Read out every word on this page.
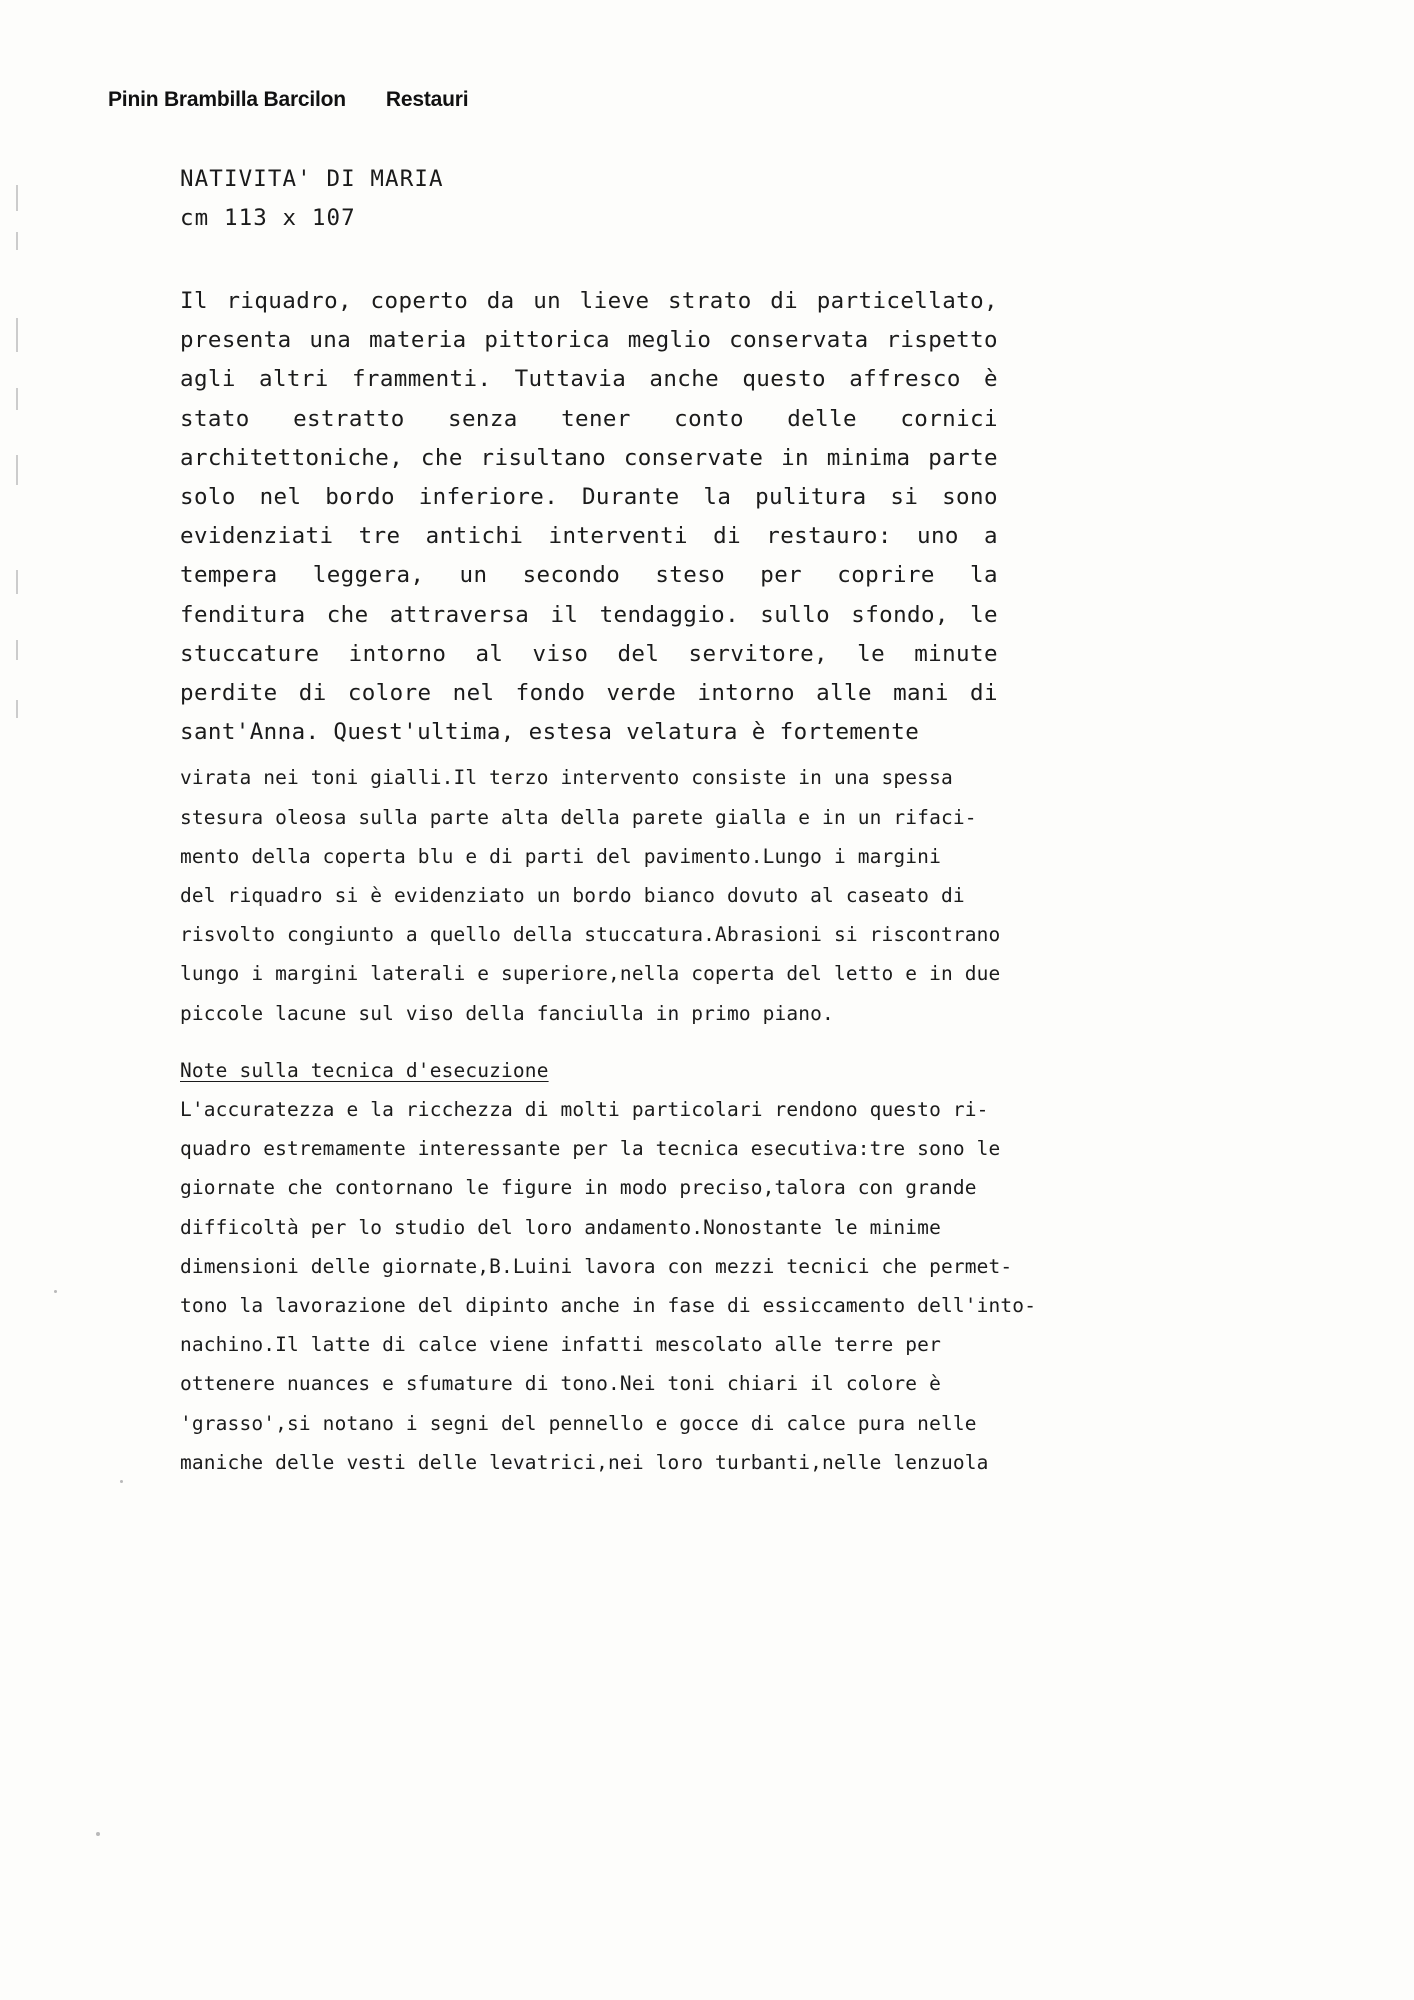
Pinin Brambilla Barcilon Restauri
NATIVITA' DI MARIA
cm 113 x 107
Il riquadro, coperto da un lieve strato di particellato,
presenta una materia pittorica meglio conservata rispetto
agli altri frammenti. Tuttavia anche questo affresco è
stato estratto senza tener conto delle cornici
architettoniche, che risultano conservate in minima parte
solo nel bordo inferiore. Durante la pulitura si sono
evidenziati tre antichi interventi di restauro: uno a
tempera leggera, un secondo steso per coprire la
fenditura che attraversa il tendaggio. sullo sfondo, le
stuccature intorno al viso del servitore, le minute
perdite di colore nel fondo verde intorno alle mani di
sant'Anna. Quest'ultima, estesa velatura è fortemente
virata nei toni gialli.Il terzo intervento consiste in una spessa
stesura oleosa sulla parte alta della parete gialla e in un rifaci-
mento della coperta blu e di parti del pavimento.Lungo i margini
del riquadro si è evidenziato un bordo bianco dovuto al caseato di
risvolto congiunto a quello della stuccatura.Abrasioni si riscontrano
lungo i margini laterali e superiore,nella coperta del letto e in due
piccole lacune sul viso della fanciulla in primo piano.
Note sulla tecnica d'esecuzione
L'accuratezza e la ricchezza di molti particolari rendono questo ri-
quadro estremamente interessante per la tecnica esecutiva:tre sono le
giornate che contornano le figure in modo preciso,talora con grande
difficoltà per lo studio del loro andamento.Nonostante le minime
dimensioni delle giornate,B.Luini lavora con mezzi tecnici che permet-
tono la lavorazione del dipinto anche in fase di essiccamento dell'into-
nachino.Il latte di calce viene infatti mescolato alle terre per
ottenere nuances e sfumature di tono.Nei toni chiari il colore è
'grasso',si notano i segni del pennello e gocce di calce pura nelle
maniche delle vesti delle levatrici,nei loro turbanti,nelle lenzuola
